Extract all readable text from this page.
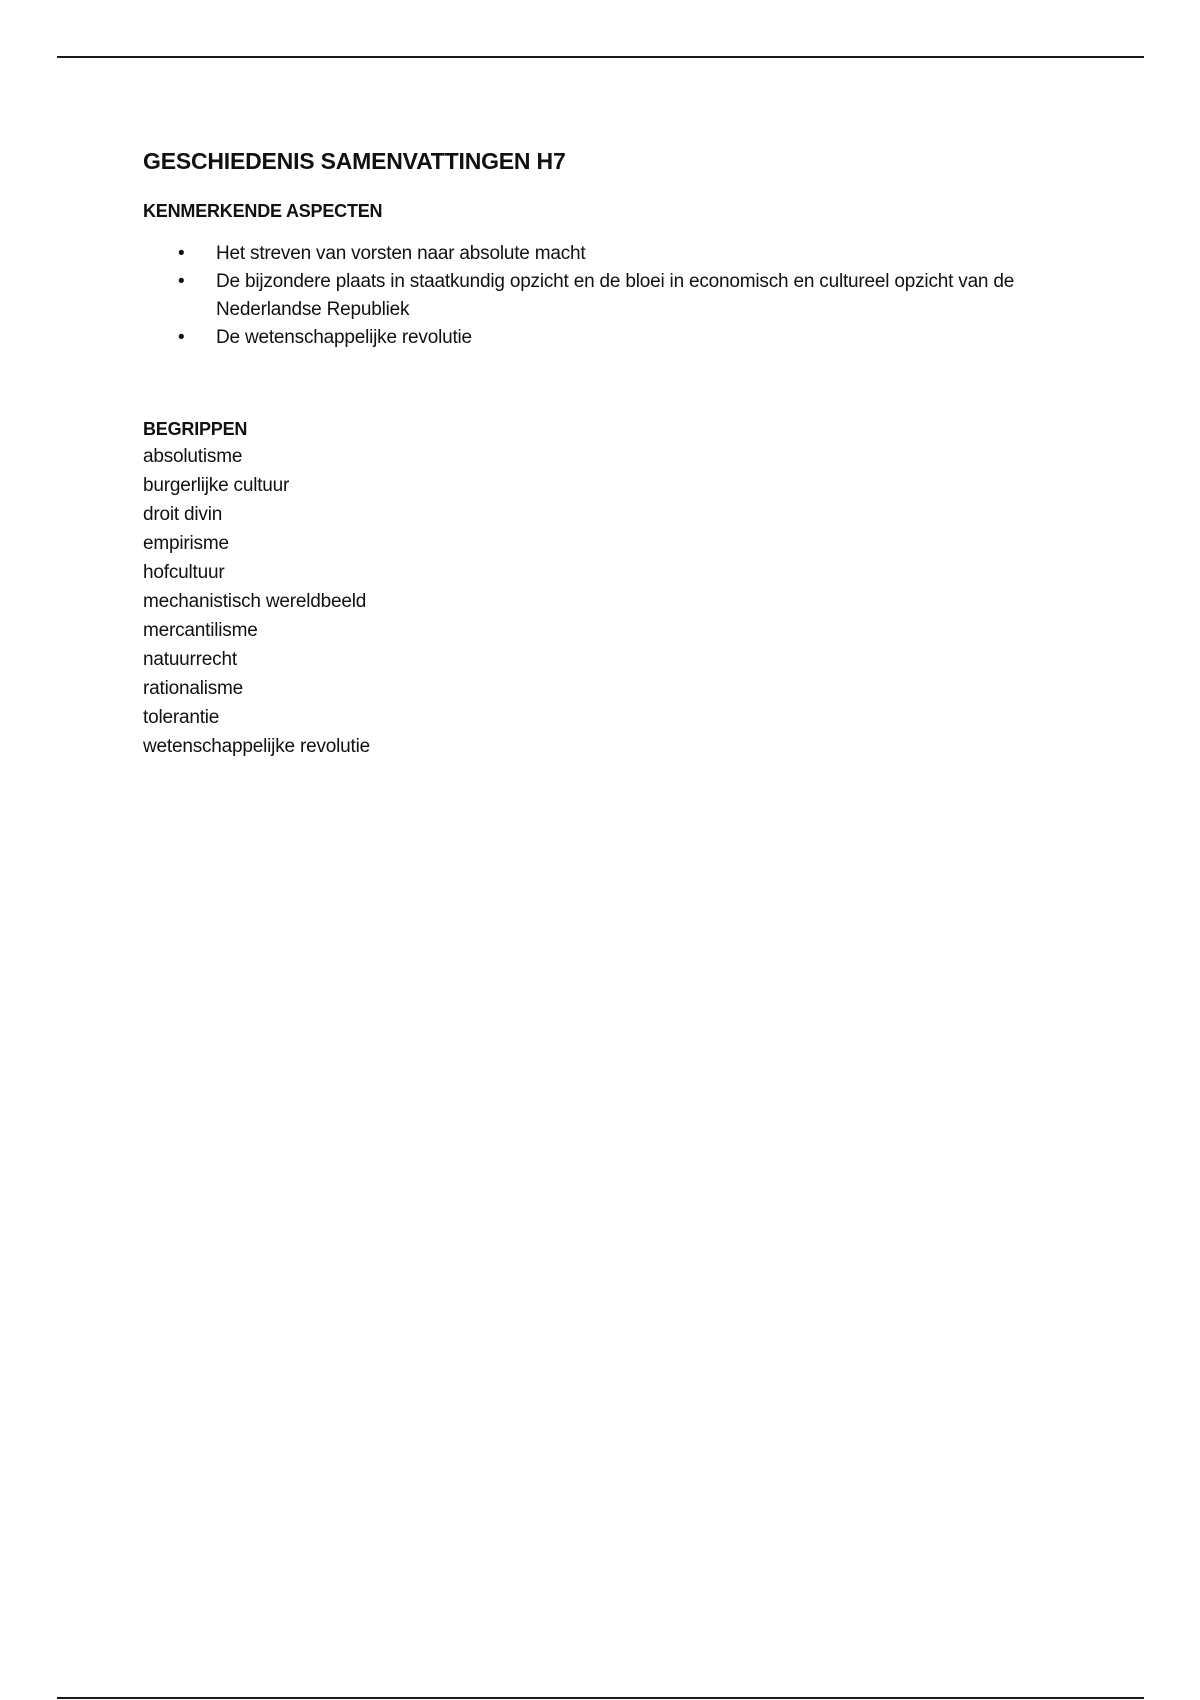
GESCHIEDENIS SAMENVATTINGEN H7
KENMERKENDE ASPECTEN
• Het streven van vorsten naar absolute macht
• De bijzondere plaats in staatkundig opzicht en de bloei in economisch en cultureel opzicht van de Nederlandse Republiek
• De wetenschappelijke revolutie
BEGRIPPEN
absolutisme
burgerlijke cultuur
droit divin
empirisme
hofcultuur
mechanistisch wereldbeeld
mercantilisme
natuurrecht
rationalisme
tolerantie
wetenschappelijke revolutie
